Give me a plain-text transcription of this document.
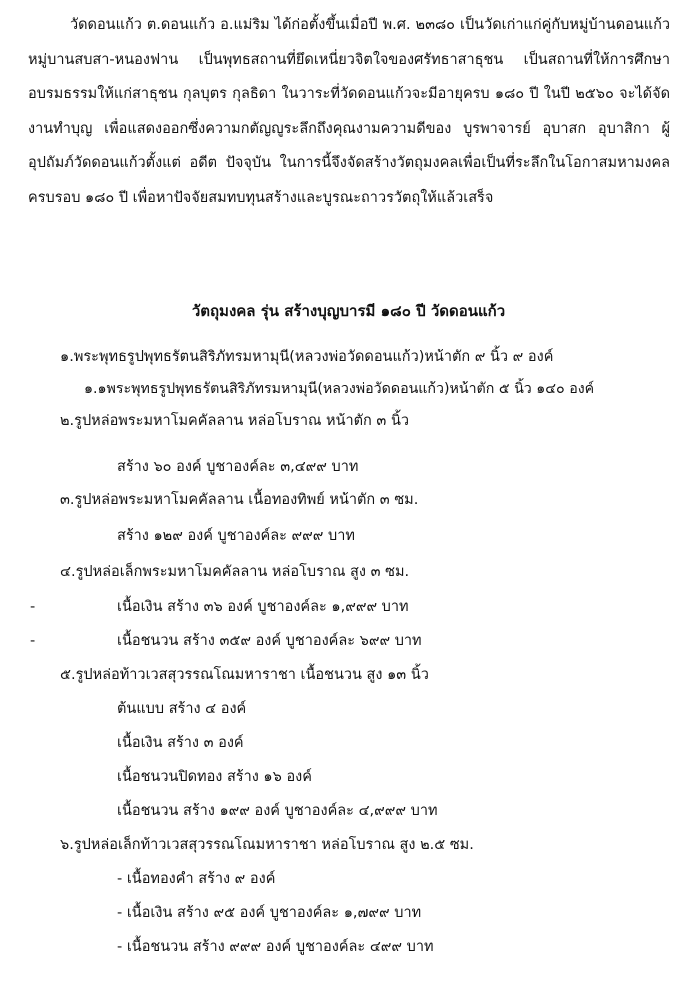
วัดดอนแก้ว ต.ดอนแก้ว อ.แม่ริม ได้ก่อตั้งขึ้นเมื่อปี พ.ศ. ๒๓๘๐ เป็นวัดเก่าแก่คู่กับหมู่บ้านดอนแก้ว หมู่บานสบสา-หนองฟาน เป็นพุทธสถานที่ยึดเหนี่ยวจิตใจของศรัทธาสาธุชน เป็นสถานที่ให้การศึกษาอบรมธรรมให้แก่สาธุชน กุลบุตร กุลธิดา ในวาระที่วัดดอนแก้วจะมีอายุครบ ๑๘๐ ปี ในปี ๒๕๖๐ จะได้จัดงานทำบุญ เพื่อแสดงออกซึ่งความกตัญญูระลึกถึงคุณงามความดีของ บูรพาจารย์ อุบาสก อุบาสิกา ผู้อุปถัมภ์วัดดอนแก้วตั้งแต่ อดีต ปัจจุบัน ในการนี้จึงจัดสร้างวัตถุมงคลเพื่อเป็นที่ระลึกในโอกาสมหามงคลครบรอบ ๑๘๐ ปี เพื่อหาปัจจัยสมทบทุนสร้างและบูรณะถาวรวัตถุให้แล้วเสร็จ

วัตถุมงคล รุ่น สร้างบุญบารมี ๑๘๐ ปี วัดดอนแก้ว

๑.พระพุทธรูปพุทธรัตนสิริภัทรมหามุนี(หลวงพ่อวัดดอนแก้ว)หน้าตัก ๙ นิ้ว ๙ องค์

๑.๑พระพุทธรูปพุทธรัตนสิริภัทรมหามุนี(หลวงพ่อวัดดอนแก้ว)หน้าตัก ๕ นิ้ว ๑๔๐ องค์

๒.รูปหล่อพระมหาโมคคัลลาน หล่อโบราณ หน้าตัก ๓ นิ้ว

สร้าง ๖๐ องค์ บูชาองค์ละ ๓,๔๙๙ บาท

๓.รูปหล่อพระมหาโมคคัลลาน เนื้อทองทิพย์ หน้าตัก ๓ ซม.

สร้าง ๑๒๙ องค์ บูชาองค์ละ ๙๙๙ บาท

๔.รูปหล่อเล็กพระมหาโมคคัลลาน หล่อโบราณ สูง ๓ ซม.

-	เนื้อเงิน สร้าง ๓๖ องค์ บูชาองค์ละ ๑,๙๙๙ บาท

-	เนื้อชนวน สร้าง ๓๕๙ องค์ บูชาองค์ละ ๖๙๙ บาท

๕.รูปหล่อท้าวเวสสุวรรณโณมหาราชา เนื้อชนวน สูง ๑๓ นิ้ว

ต้นแบบ สร้าง ๔ องค์

เนื้อเงิน สร้าง ๓ องค์

เนื้อชนวนปิดทอง สร้าง ๑๖ องค์

เนื้อชนวน สร้าง ๑๙๙ องค์ บูชาองค์ละ ๔,๙๙๙ บาท

๖.รูปหล่อเล็กท้าวเวสสุวรรณโณมหาราชา หล่อโบราณ สูง ๒.๕ ซม.

- เนื้อทองคำ สร้าง ๙ องค์

- เนื้อเงิน สร้าง ๙๕ องค์ บูชาองค์ละ ๑,๗๙๙ บาท

- เนื้อชนวน สร้าง ๙๙๙ องค์ บูชาองค์ละ ๔๙๙ บาท
